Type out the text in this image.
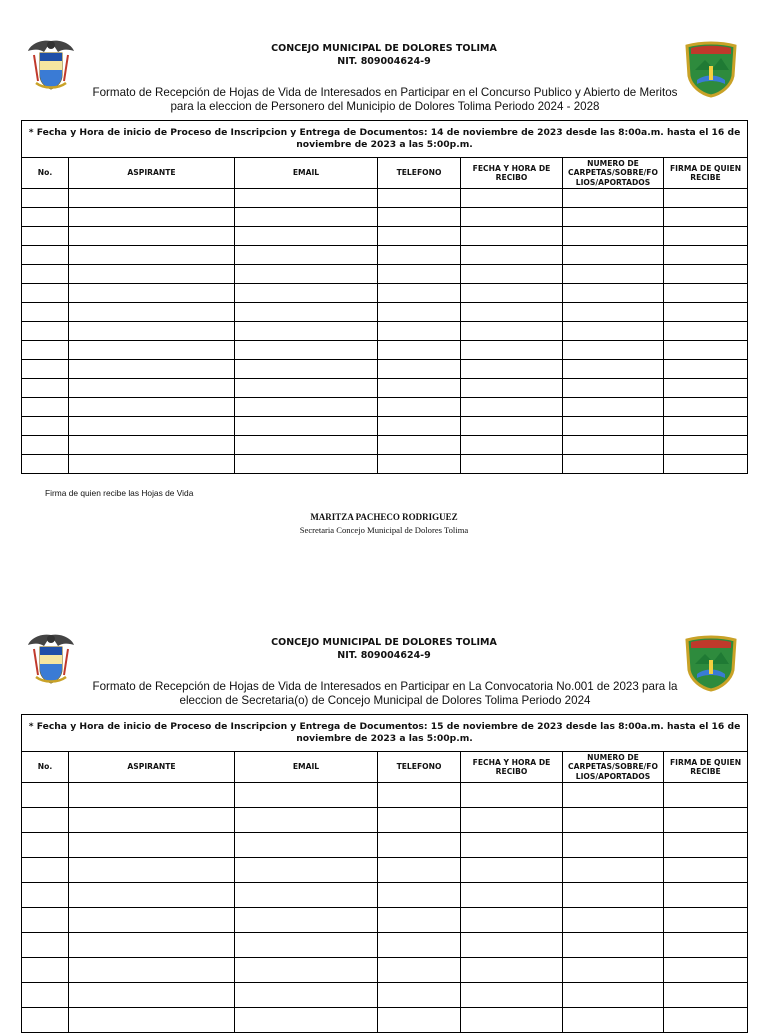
CONCEJO MUNICIPAL DE DOLORES TOLIMA
NIT. 809004624-9
Formato de Recepción de Hojas de Vida de Interesados en Participar en el Concurso Publico y Abierto de Meritos
para la eleccion de Personero del Municipio de Dolores Tolima Periodo 2024 - 2028
* Fecha y Hora de inicio de Proceso de Inscripcion y Entrega de Documentos: 14 de noviembre de 2023 desde las 8:00a.m. hasta el 16 de
noviembre de 2023 a las 5:00p.m.						

No.	ASPIRANTE	EMAIL	TELEFONO	FECHA Y HORA DE RECIBO	NUMERO DE CARPETAS/SOBRE/FO LIOS/APORTADOS	FIRMA DE QUIEN RECIBE

Firma de quien recibe las Hojas de Vida
MARITZA PACHECO RODRIGUEZ
Secretaria Concejo Municipal de Dolores Tolima
CONCEJO MUNICIPAL DE DOLORES TOLIMA
NIT. 809004624-9
Formato de Recepción de Hojas de Vida de Interesados en Participar en La Convocatoria No.001 de 2023 para la
eleccion de Secretaria(o) de Concejo Municipal de Dolores Tolima Periodo 2024
* Fecha y Hora de inicio de Proceso de Inscripcion y Entrega de Documentos: 15 de noviembre de 2023 desde las 8:00a.m. hasta el 16 de
noviembre de 2023 a las 5:00p.m.						

No.	ASPIRANTE	EMAIL	TELEFONO	FECHA Y HORA DE RECIBO	NUMERO DE CARPETAS/SOBRE/FO LIOS/APORTADOS	FIRMA DE QUIEN RECIBE
